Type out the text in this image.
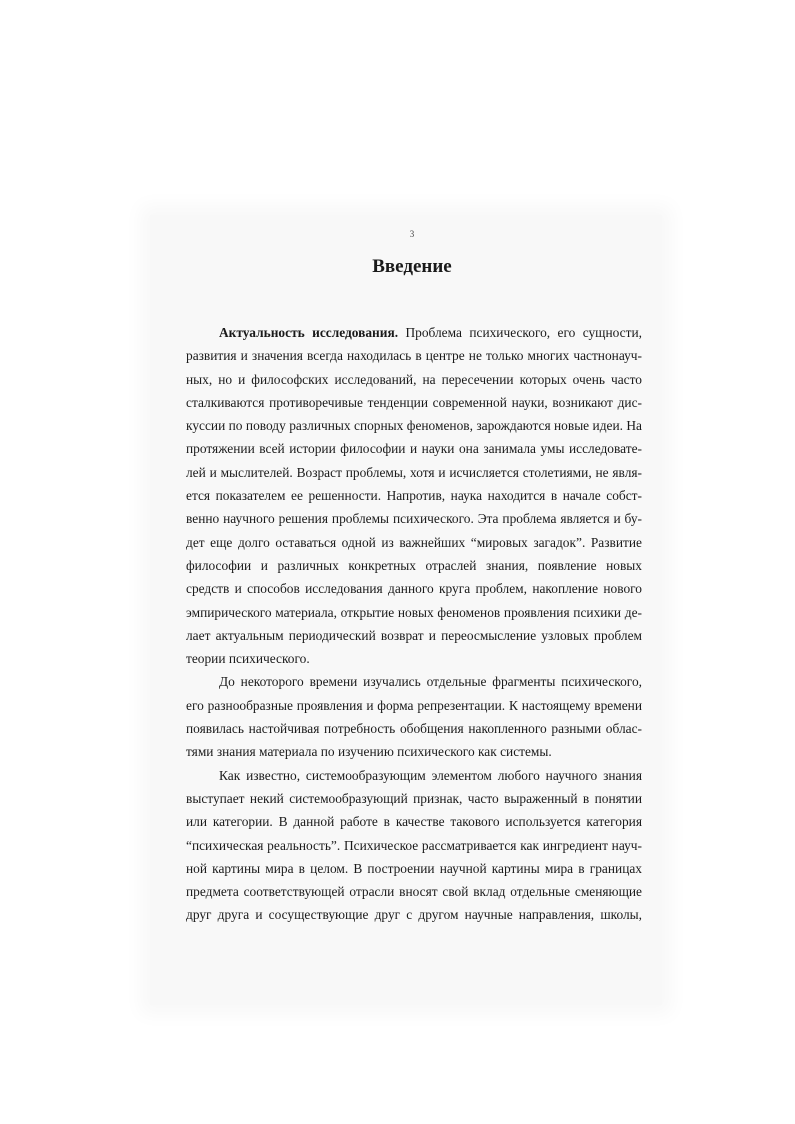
3
Введение
Актуальность исследования. Проблема психического, его сущности,
развития и значения всегда находилась в центре не только многих частнонауч-
ных, но и философских исследований, на пересечении которых очень часто
сталкиваются противоречивые тенденции современной науки, возникают дис-
куссии по поводу различных спорных феноменов, зарождаются новые идеи. На
протяжении всей истории философии и науки она занимала умы исследовате-
лей и мыслителей. Возраст проблемы, хотя и исчисляется столетиями, не явля-
ется показателем ее решенности. Напротив, наука находится в начале собст-
венно научного решения проблемы психического. Эта проблема является и бу-
дет еще долго оставаться одной из важнейших “мировых загадок”. Развитие
философии и различных конкретных отраслей знания, появление новых
средств и способов исследования данного круга проблем, накопление нового
эмпирического материала, открытие новых феноменов проявления психики де-
лает актуальным периодический возврат и переосмысление узловых проблем
теории психического.
До некоторого времени изучались отдельные фрагменты психического,
его разнообразные проявления и форма репрезентации. К настоящему времени
появилась настойчивая потребность обобщения накопленного разными облас-
тями знания материала по изучению психического как системы.
Как известно, системообразующим элементом любого научного знания
выступает некий системообразующий признак, часто выраженный в понятии
или категории. В данной работе в качестве такового используется категория
“психическая реальность”. Психическое рассматривается как ингредиент науч-
ной картины мира в целом. В построении научной картины мира в границах
предмета соответствующей отрасли вносят свой вклад отдельные сменяющие
друг друга и сосуществующие друг с другом научные направления, школы,
